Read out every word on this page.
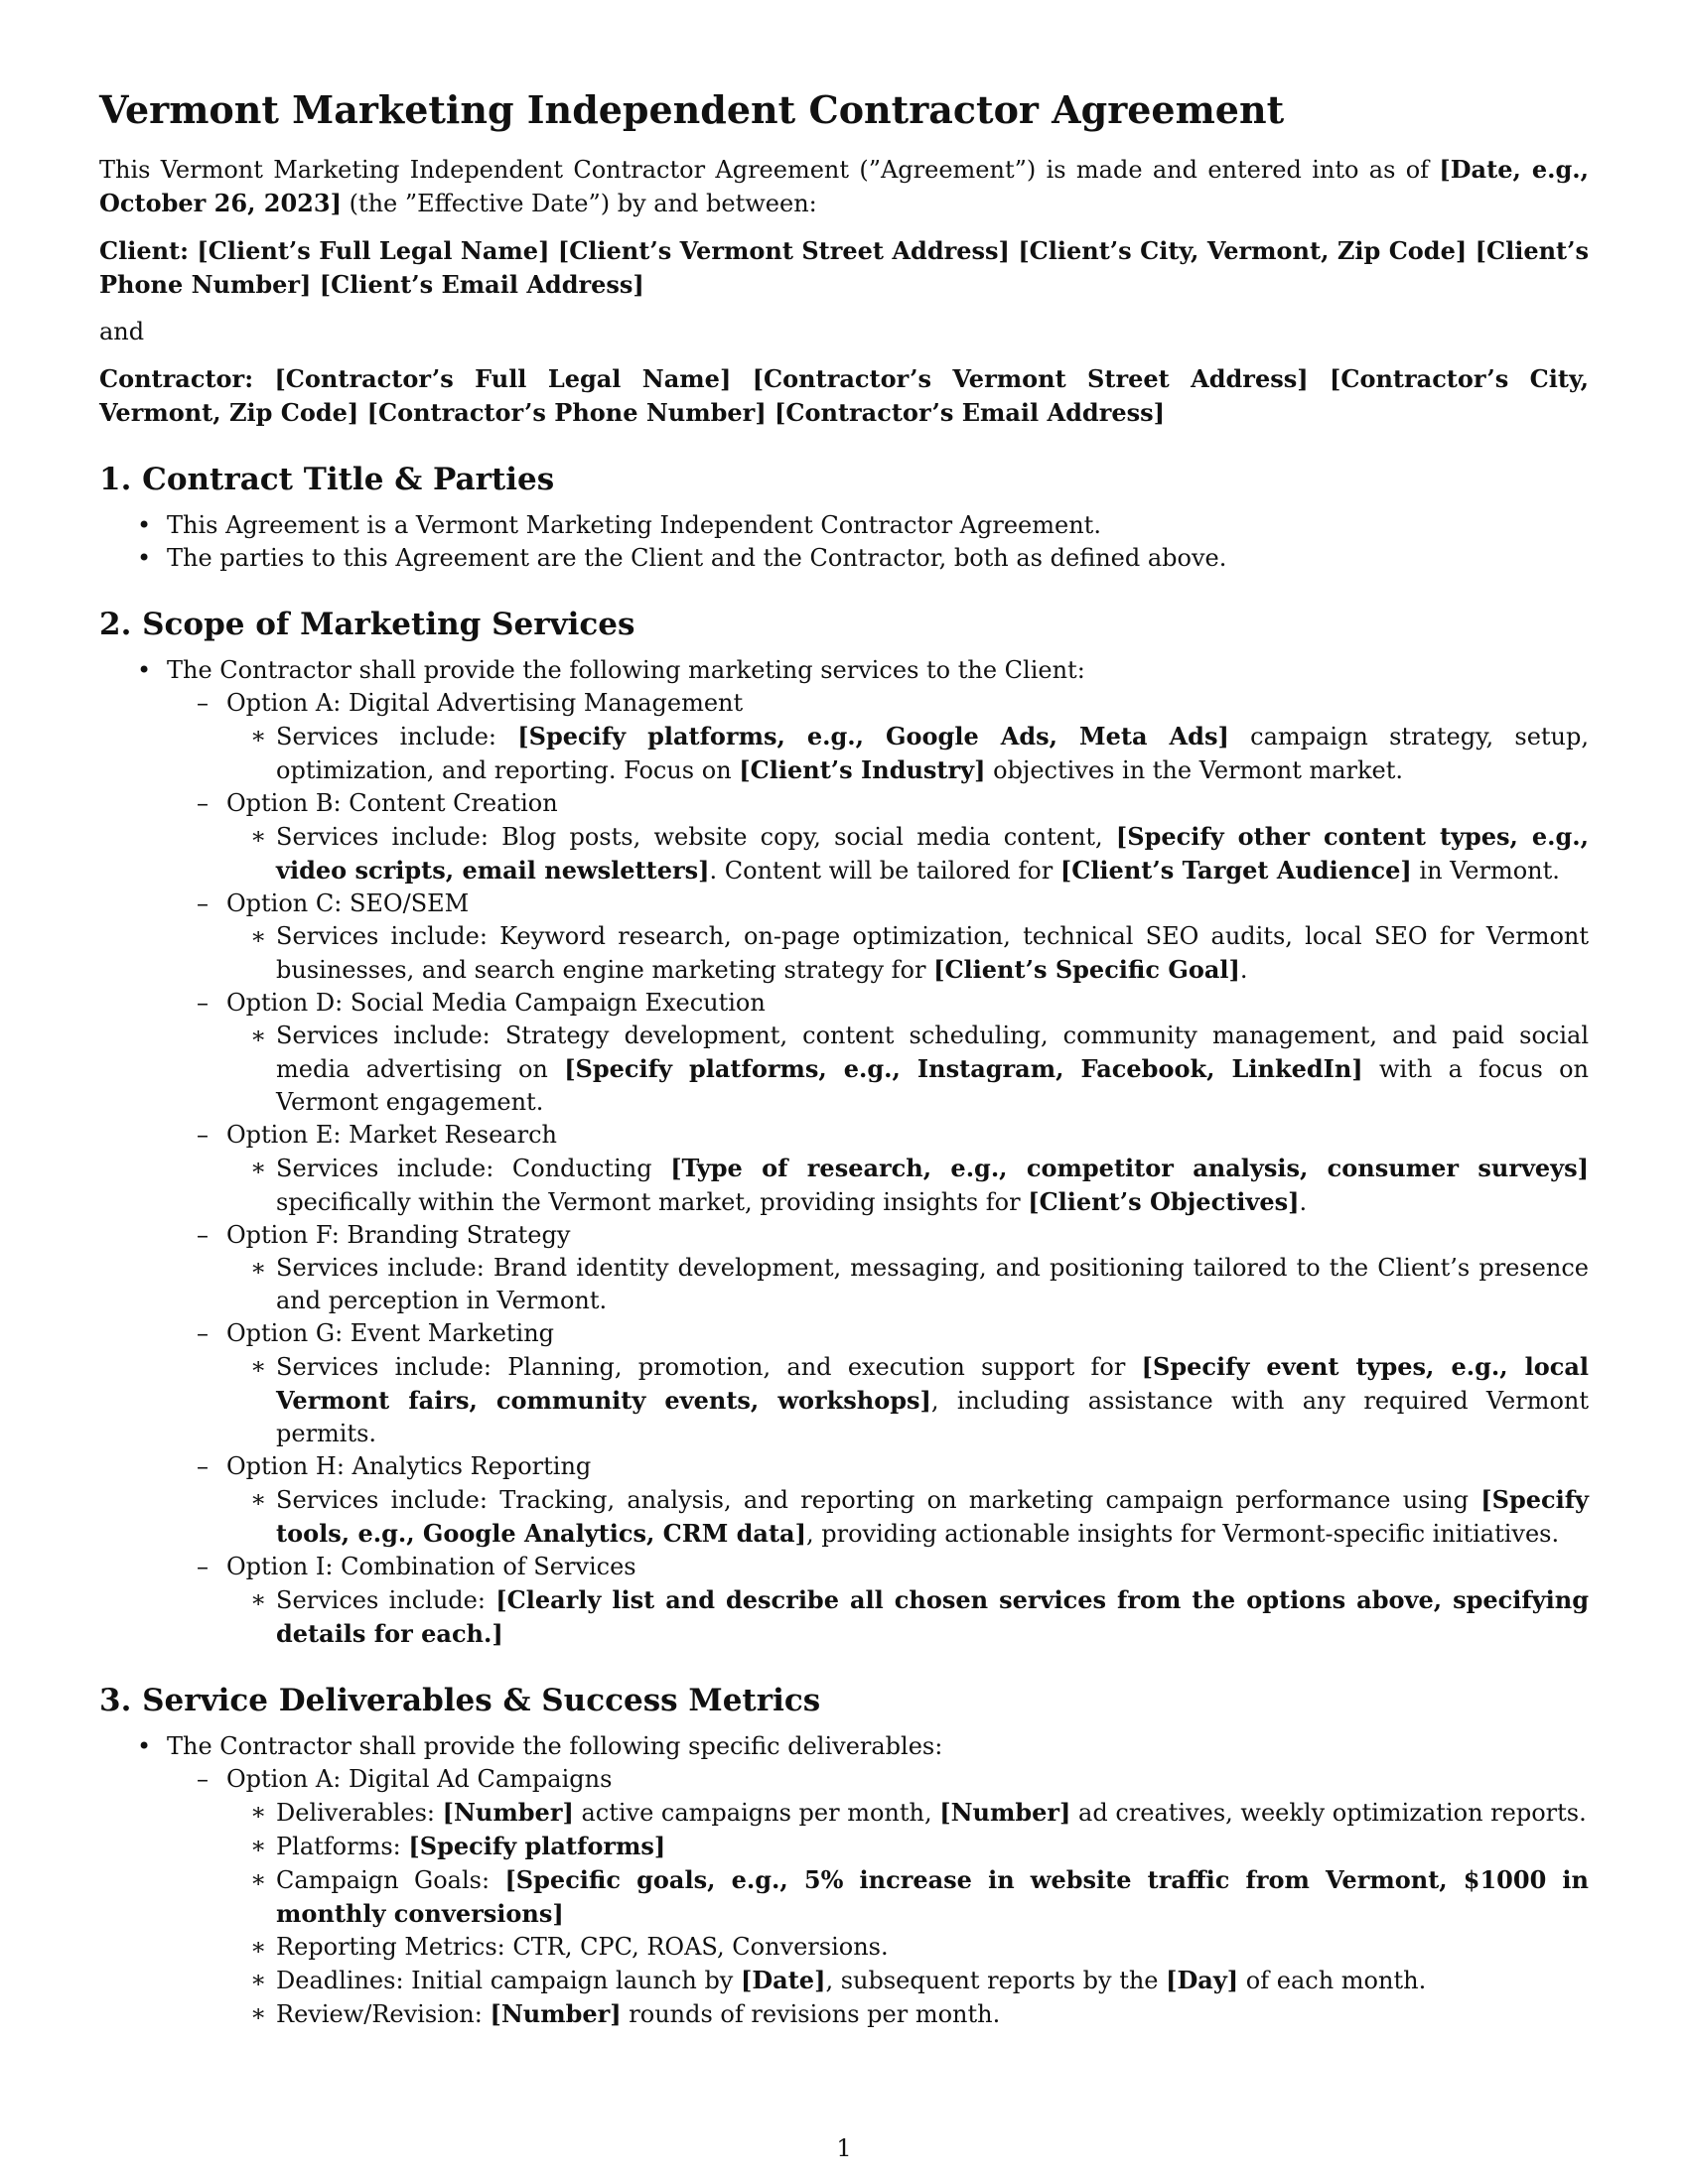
Vermont Marketing Independent Contractor Agreement

This Vermont Marketing Independent Contractor Agreement (”Agreement”) is made and entered into as of [Date, e.g., October 26, 2023] (the ”Effective Date”) by and between:

Client: [Client’s Full Legal Name] [Client’s Vermont Street Address] [Client’s City, Vermont, Zip Code] [Client’s Phone Number] [Client’s Email Address]

and

Contractor: [Contractor’s Full Legal Name] [Contractor’s Vermont Street Address] [Contractor’s City, Vermont, Zip Code] [Contractor’s Phone Number] [Contractor’s Email Address]

1. Contract Title & Parties
• This Agreement is a Vermont Marketing Independent Contractor Agreement.
• The parties to this Agreement are the Client and the Contractor, both as defined above.
2. Scope of Marketing Services
• The Contractor shall provide the following marketing services to the Client:
– Option A: Digital Advertising Management
∗ Services include: [Specify platforms, e.g., Google Ads, Meta Ads] campaign strategy, setup, optimization, and reporting. Focus on [Client’s Industry] objectives in the Vermont market.
– Option B: Content Creation
∗ Services include: Blog posts, website copy, social media content, [Specify other content types, e.g., video scripts, email newsletters]. Content will be tailored for [Client’s Target Audience] in Vermont.
– Option C: SEO/SEM
∗ Services include: Keyword research, on-page optimization, technical SEO audits, local SEO for Vermont businesses, and search engine marketing strategy for [Client’s Specific Goal].
– Option D: Social Media Campaign Execution
∗ Services include: Strategy development, content scheduling, community management, and paid social media advertising on [Specify platforms, e.g., Instagram, Facebook, LinkedIn] with a focus on Vermont engagement.
– Option E: Market Research
∗ Services include: Conducting [Type of research, e.g., competitor analysis, consumer surveys] specifically within the Vermont market, providing insights for [Client’s Objectives].
– Option F: Branding Strategy
∗ Services include: Brand identity development, messaging, and positioning tailored to the Client’s presence and perception in Vermont.
– Option G: Event Marketing
∗ Services include: Planning, promotion, and execution support for [Specify event types, e.g., local Vermont fairs, community events, workshops], including assistance with any required Vermont permits.
– Option H: Analytics Reporting
∗ Services include: Tracking, analysis, and reporting on marketing campaign performance using [Specify tools, e.g., Google Analytics, CRM data], providing actionable insights for Vermont-specific initiatives.
– Option I: Combination of Services
∗ Services include: [Clearly list and describe all chosen services from the options above, specifying details for each.]
3. Service Deliverables & Success Metrics
• The Contractor shall provide the following specific deliverables:
– Option A: Digital Ad Campaigns
∗ Deliverables: [Number] active campaigns per month, [Number] ad creatives, weekly optimization reports.
∗ Platforms: [Specify platforms]
∗ Campaign Goals: [Specific goals, e.g., 5% increase in website traffic from Vermont, $1000 in monthly conversions]
∗ Reporting Metrics: CTR, CPC, ROAS, Conversions.
∗ Deadlines: Initial campaign launch by [Date], subsequent reports by the [Day] of each month.
∗ Review/Revision: [Number] rounds of revisions per month.
1
